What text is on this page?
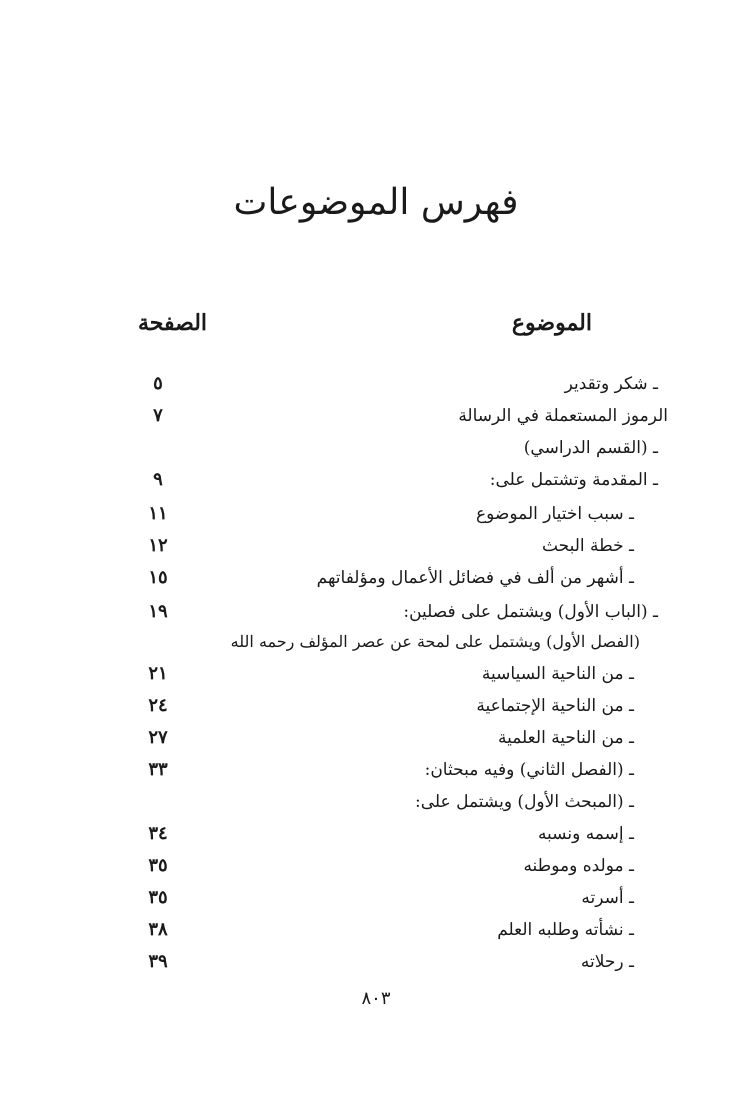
فهرس الموضوعات
الموضوع
الصفحة
ـ شكر وتقدير
٥
الرموز المستعملة في الرسالة
٧
ـ (القسم الدراسي)
ـ المقدمة وتشتمل على:
٩
ـ سبب اختيار الموضوع
١١
ـ خطة البحث
١٢
ـ أشهر من ألف في فضائل الأعمال ومؤلفاتهم
١٥
ـ (الباب الأول) ويشتمل على فصلين:
١٩
(الفصل الأول) ويشتمل على لمحة عن عصر المؤلف رحمه الله
ـ من الناحية السياسية
٢١
ـ من الناحية الإجتماعية
٢٤
ـ من الناحية العلمية
٢٧
ـ (الفصل الثاني) وفيه مبحثان:
٣٣
ـ (المبحث الأول) ويشتمل على:
ـ إسمه ونسبه
٣٤
ـ مولده وموطنه
٣٥
ـ أسرته
٣٥
ـ نشأته وطلبه العلم
٣٨
ـ رحلاته
٣٩
٨٠٣
